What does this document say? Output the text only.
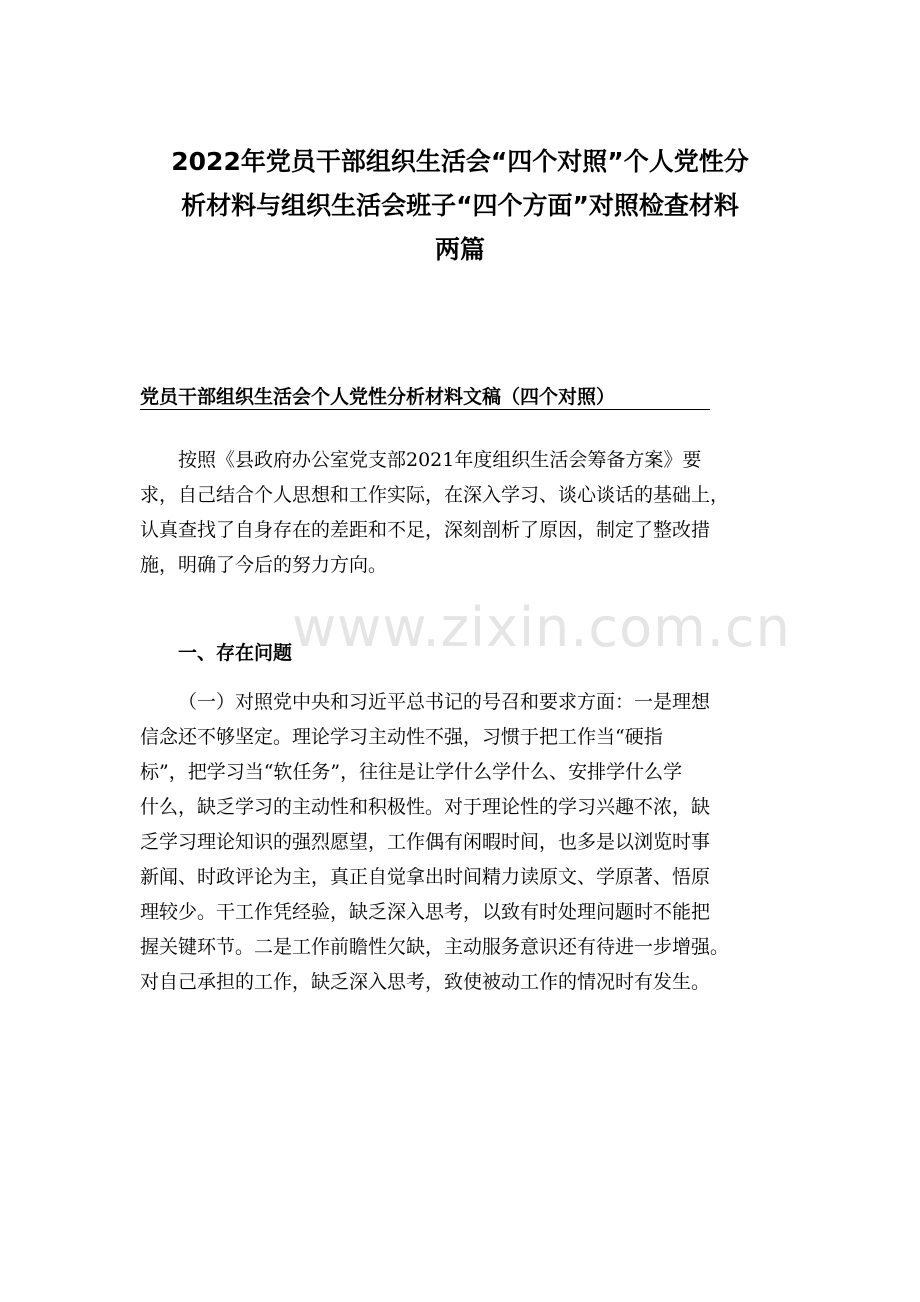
2022年党员干部组织生活会“四个对照”个人党性分
析材料与组织生活会班子“四个方面”对照检查材料
两篇
党员干部组织生活会个人党性分析材料文稿（四个对照）
按照《县政府办公室党支部2021年度组织生活会筹备方案》要
求，自己结合个人思想和工作实际，在深入学习、谈心谈话的基础上，
认真查找了自身存在的差距和不足，深刻剖析了原因，制定了整改措
施，明确了今后的努力方向。
一、存在问题
（一）对照党中央和习近平总书记的号召和要求方面：一是理想
信念还不够坚定。理论学习主动性不强，习惯于把工作当“硬指
标”，把学习当“软任务”，往往是让学什么学什么、安排学什么学
什么，缺乏学习的主动性和积极性。对于理论性的学习兴趣不浓，缺
乏学习理论知识的强烈愿望，工作偶有闲暇时间，也多是以浏览时事
新闻、时政评论为主，真正自觉拿出时间精力读原文、学原著、悟原
理较少。干工作凭经验，缺乏深入思考，以致有时处理问题时不能把
握关键环节。二是工作前瞻性欠缺，主动服务意识还有待进一步增强。
对自己承担的工作，缺乏深入思考，致使被动工作的情况时有发生。
www.zixin.com.cn
